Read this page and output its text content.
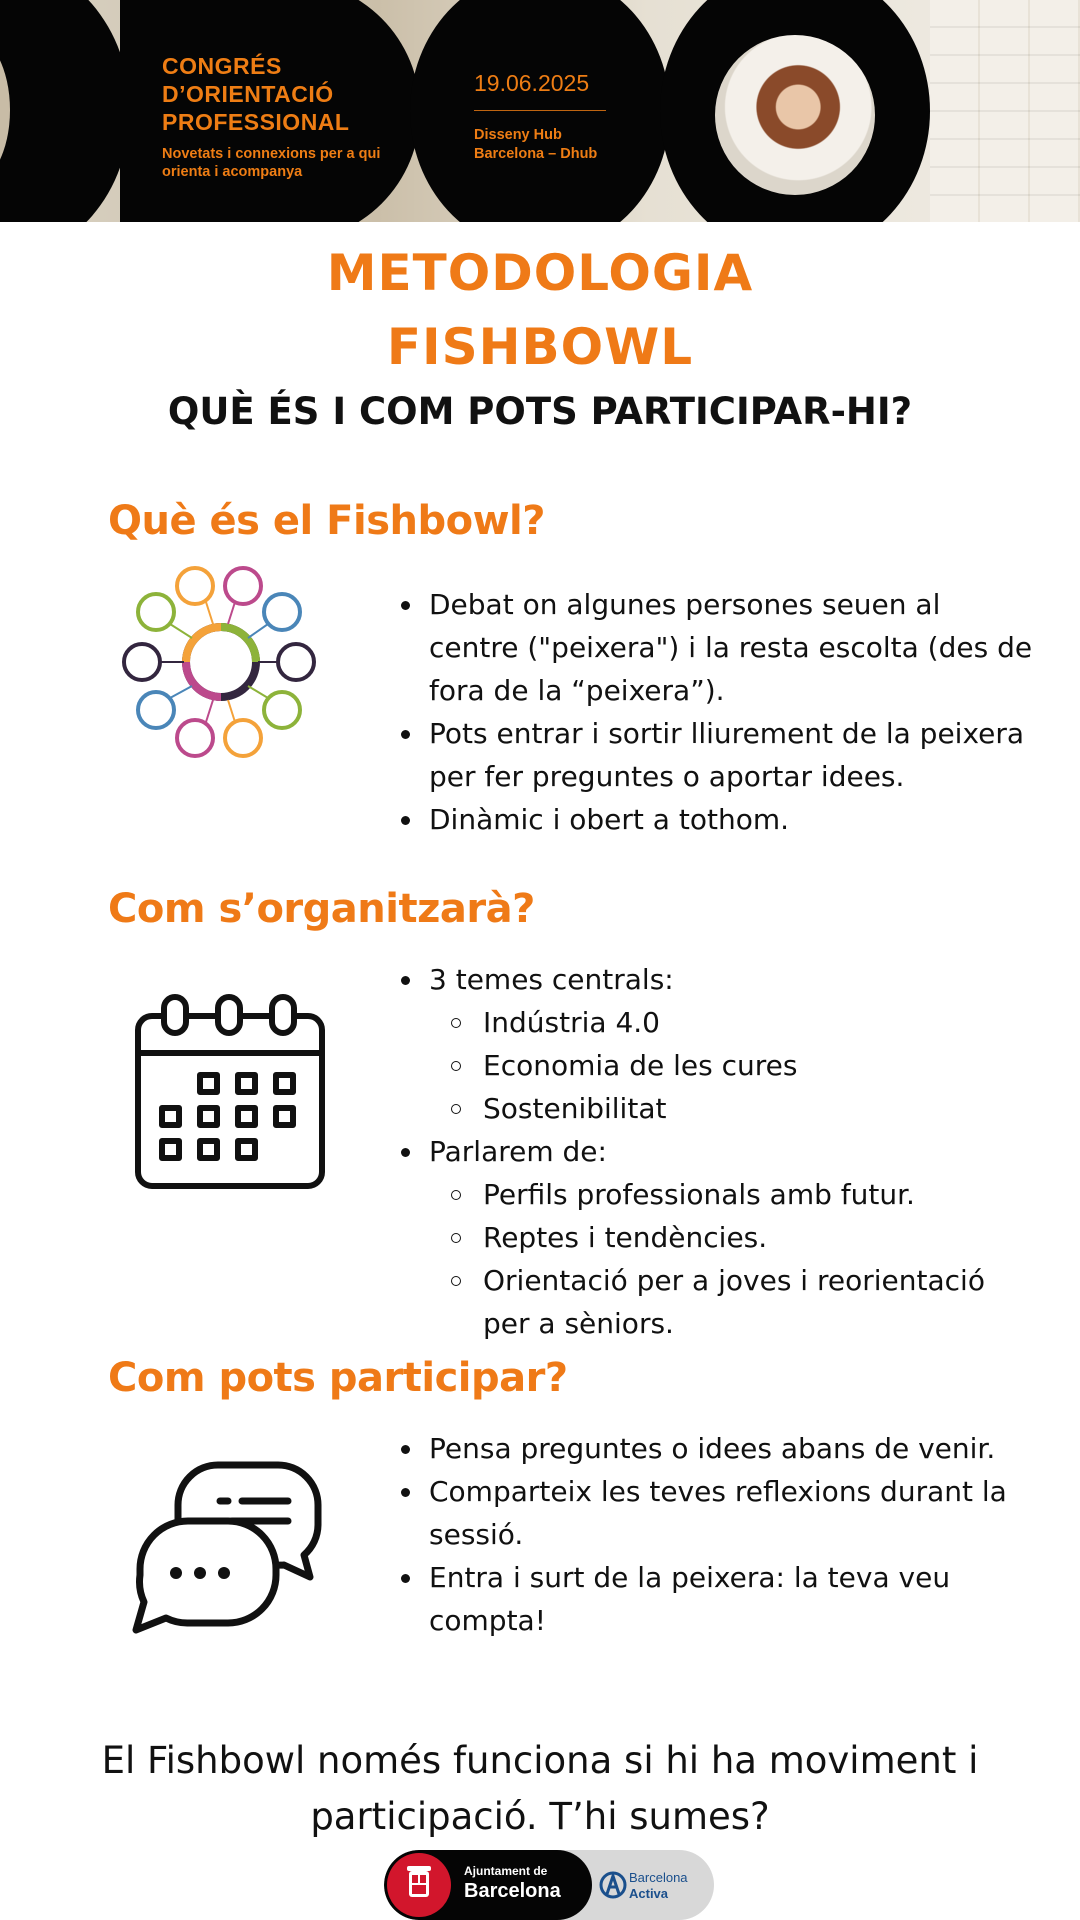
CONGRÉS D’ORIENTACIÓ PROFESSIONAL
Novetats i connexions per a qui orienta i acompanya
19.06.2025
Disseny Hub Barcelona – Dhub
METODOLOGIA
FISHBOWL
QUÈ ÉS I COM POTS PARTICIPAR-HI?
Què és el Fishbowl?
Debat on algunes persones seuen al centre ("peixera") i la resta escolta (des de fora de la “peixera”).
Pots entrar i sortir lliurement de la peixera per fer preguntes o aportar idees.
Dinàmic i obert a tothom.
Com s’organitzarà?
3 temes centrals:
Indústria 4.0
Economia de les cures
Sostenibilitat
Parlarem de:
Perfils professionals amb futur.
Reptes i tendències.
Orientació per a joves i reorientació per a sèniors.
Com pots participar?
Pensa preguntes o idees abans de venir.
Comparteix les teves reflexions durant la sessió.
Entra i surt de la peixera: la teva veu compta!

El Fishbowl només funciona si hi ha moviment i participació. T’hi sumes?

Ajuntament de
Barcelona
Barcelona
Activa
